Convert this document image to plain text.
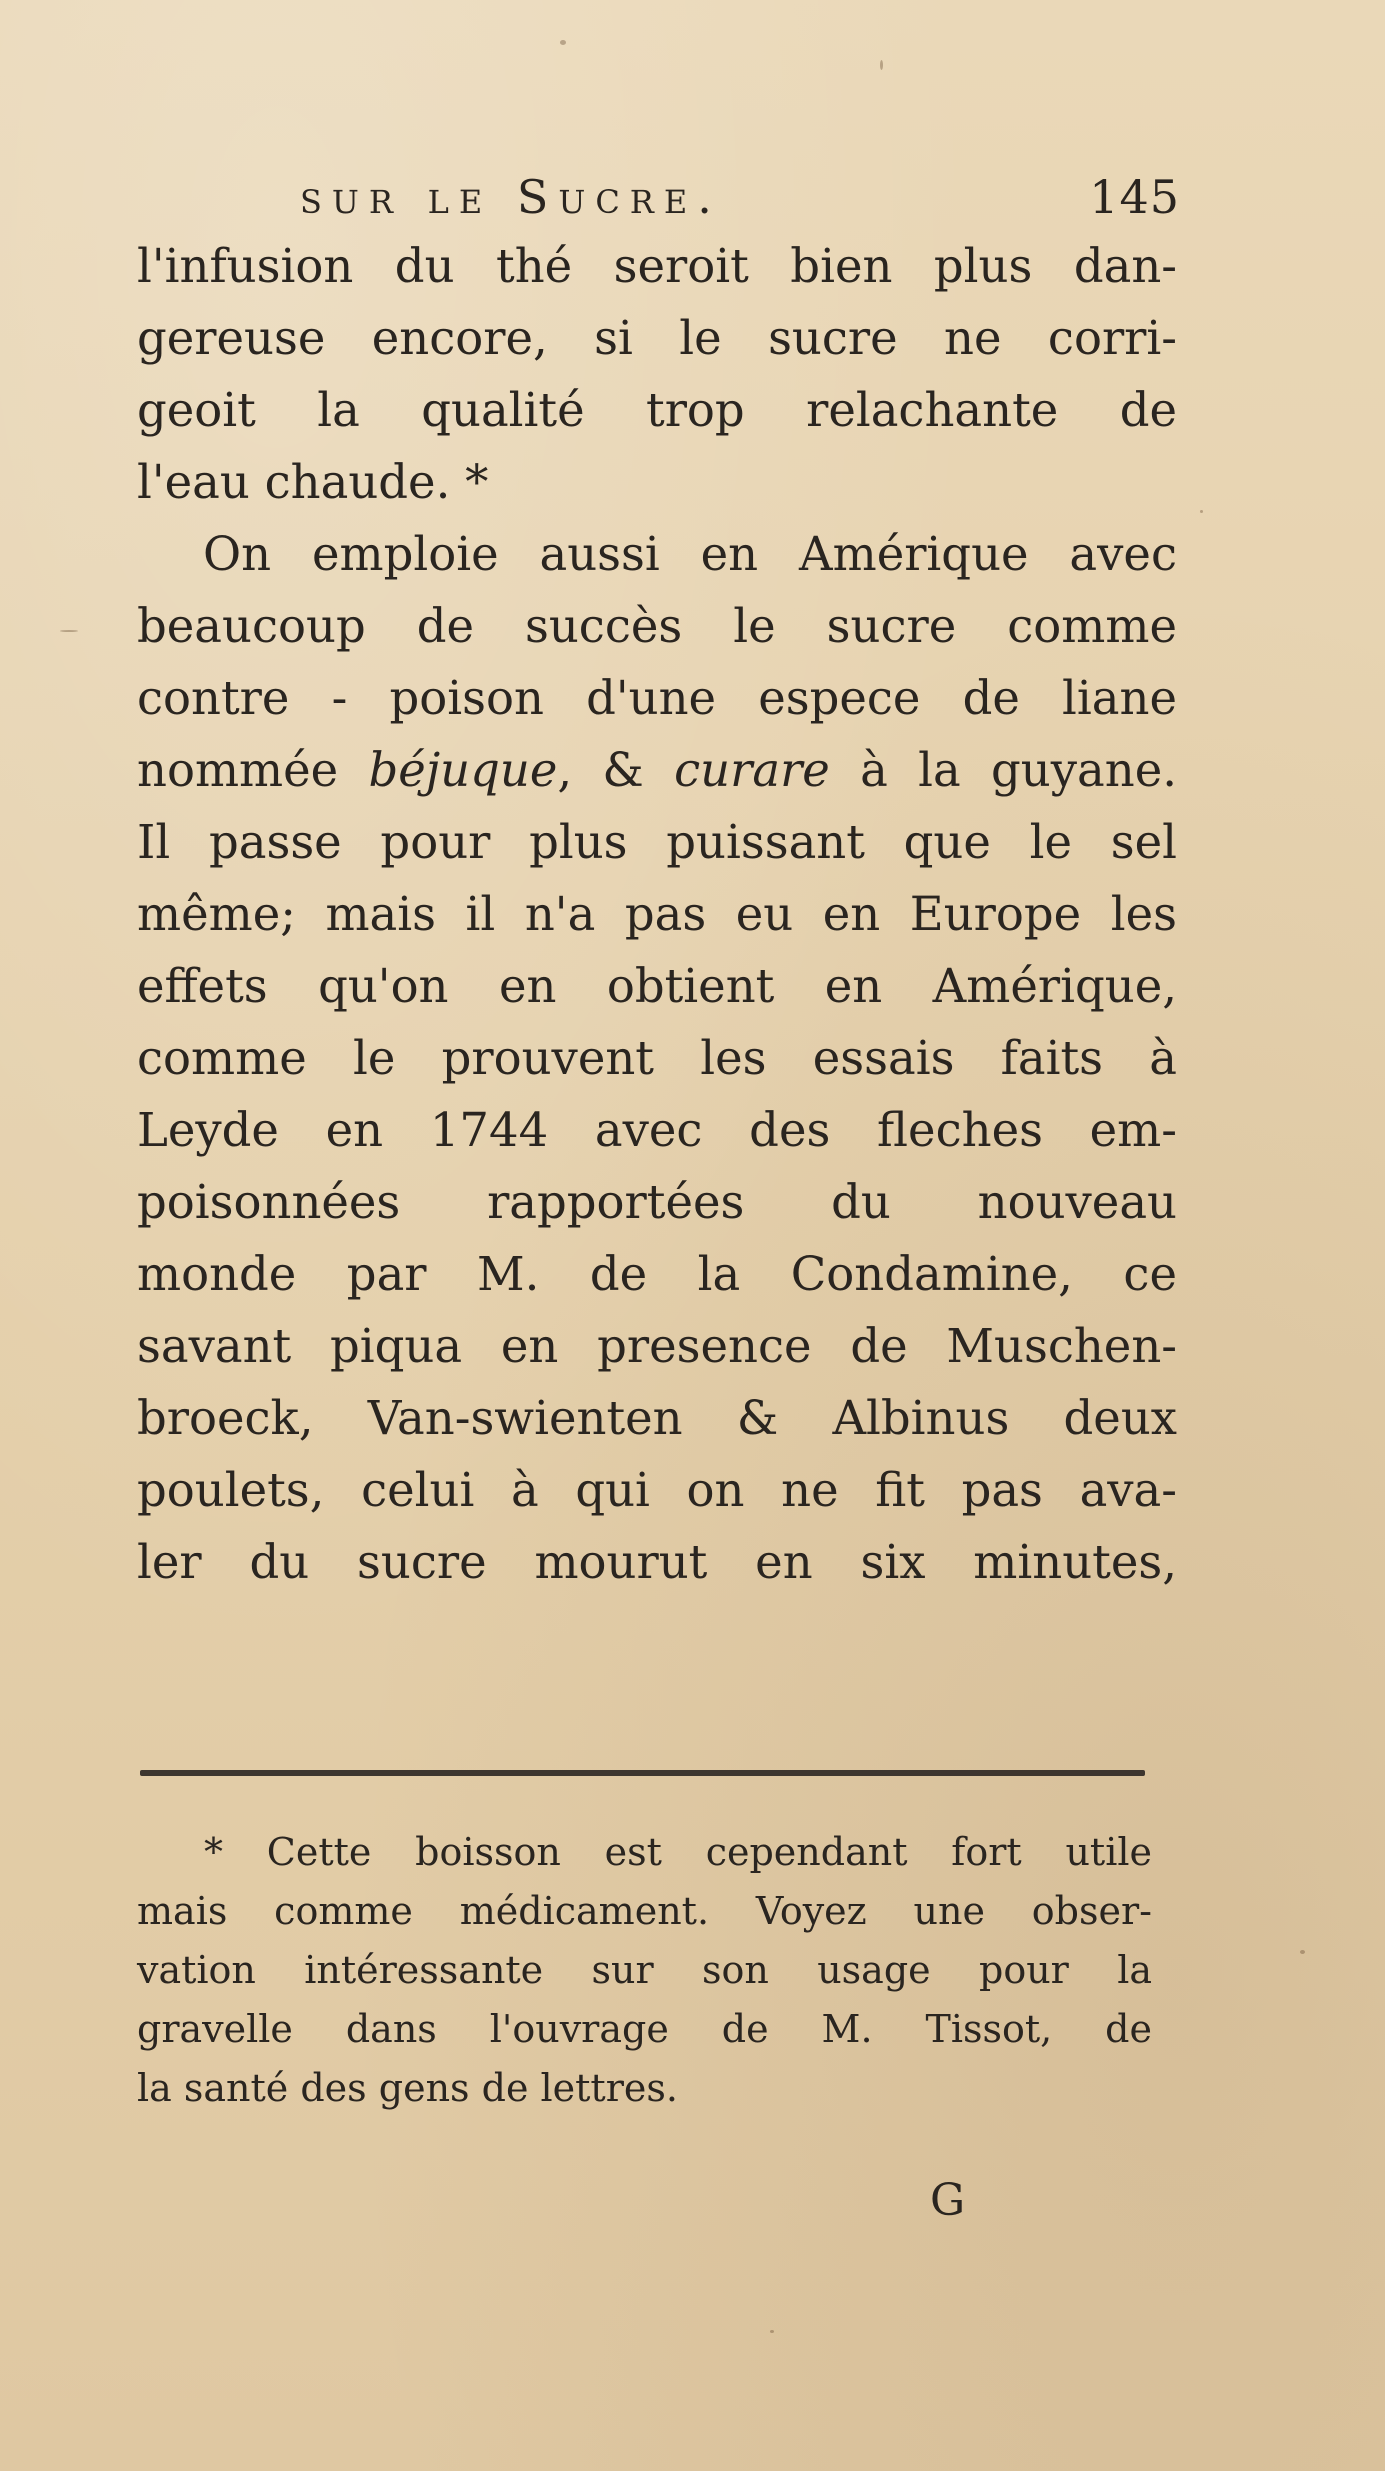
sur le Sucre.	145
l'infusion du thé seroit bien plus dan-
gereuse encore, si le sucre ne corri-
geoit la qualité trop relachante de
l'eau chaude. *
On emploie aussi en Amérique avec
beaucoup de succès le sucre comme
contre - poison d'une espece de liane
nommée béjuque, & curare à la guyane.
Il passe pour plus puissant que le sel
même; mais il n'a pas eu en Europe les
effets qu'on en obtient en Amérique,
comme le prouvent les essais faits à
Leyde en 1744 avec des fleches em-
poisonnées rapportées du nouveau
monde par M. de la Condamine, ce
savant piqua en presence de Muschen-
broeck, Van-swienten & Albinus deux
poulets, celui à qui on ne fit pas ava-
ler du sucre mourut en six minutes,
* Cette boisson est cependant fort utile
mais comme médicament. Voyez une obser-
vation intéressante sur son usage pour la
gravelle dans l'ouvrage de M. Tissot, de
la santé des gens de lettres.
G
